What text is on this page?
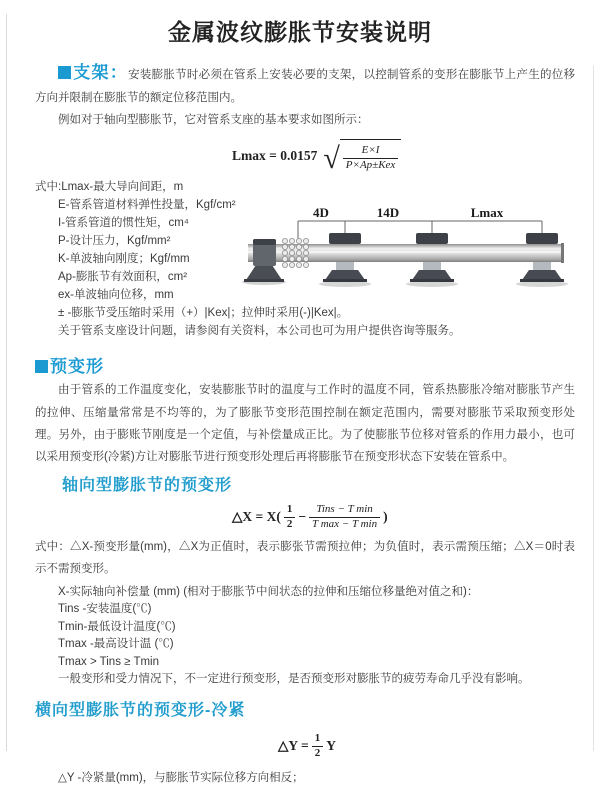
金属波纹膨胀节安装说明

支架：安装膨胀节时必须在管系上安装必要的支架，以控制管系的变形在膨胀节上产生的位移方向并限制在膨胀节的额定位移范围内。

例如对于轴向型膨胀节，它对管系支座的基本要求如图所示：

Lmax = 0.0157 √ $\frac{E\times I}{\text{P×Ap±Kex}}$
式中:Lmax-最大导向间距，m
E-管系管道材料弹性投量，Kgf/cm²
I-管系管道的惯性矩，cm⁴
P-设计压力，Kgf/mm²
K-单波轴向刚度；Kgf/mm
Ap-膨胀节有效面积，cm²
ex-单波轴向位移，mm
± -膨胀节受压缩时采用（+）|Kex|；拉伸时采用(-)|Kex|。
关于管系支座设计问题，请参阅有关资料，本公司也可为用户提供咨询等服务。
预变形

由于管系的工作温度变化，安装膨胀节时的温度与工作时的温度不同，管系热膨胀冷缩对膨胀节产生的拉伸、压缩量常常是不均等的，为了膨胀节变形范围控制在额定范围内，需要对膨胀节采取预变形处理。另外，由于膨账节刚度是一个定值，与补偿量成正比。为了使膨胀节位移对管系的作用力最小，也可以采用预变形(冷紧)方让对膨胀节进行预变形处理后再将膨胀节在预变形状态下安装在管系中。

轴向型膨胀节的预变形
△X = $X( \frac{1}{2} - \frac{\text{Tins − T min}}{\text{T max − T min}}$ )

式中：△X-预变形量(mm)，△X为正值时，表示膨张节需预拉伸；为负值时，表示需预压缩；△X＝0时表示不需预变形。

X-实际轴向补偿量 (mm) (相对于膨胀节中间状态的拉伸和压缩位移量绝对值之和)：
Tins -安装温度(℃)
Tmin-最低设计温度(℃)
Tmax -最高设计温 (℃)
Tmax > Tins ≥ Tmin
一般变形和受力情况下，不一定进行预变形，是否预变形对膨胀节的疲劳寿命几乎没有影响。
横向型膨胀节的预变形-冷紧
△Y = $\frac{1}{2}$ Y

△Y -冷紧量(mm)，与膨胀节实际位移方向相反；

4D	14D	Lmax
